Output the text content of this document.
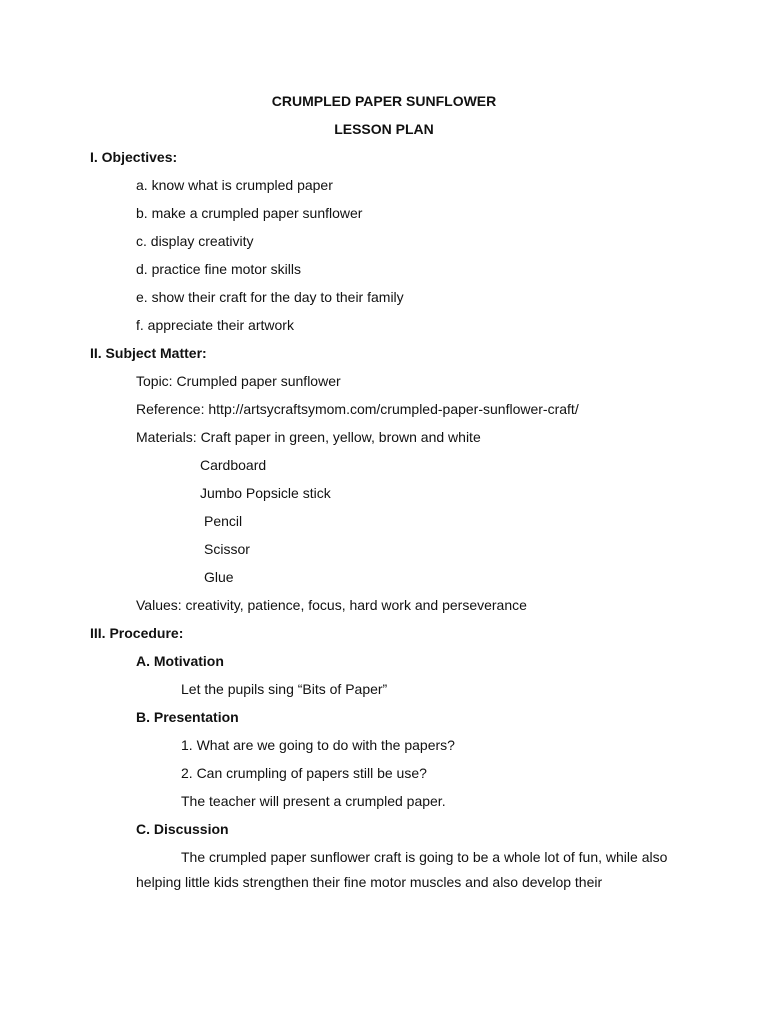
CRUMPLED PAPER SUNFLOWER
LESSON PLAN
I. Objectives:
a. know what is crumpled paper
b. make a crumpled paper sunflower
c. display creativity
d. practice fine motor skills
e. show their craft for the day to their family
f. appreciate their artwork
II. Subject Matter:
Topic: Crumpled paper sunflower
Reference: http://artsycraftsymom.com/crumpled-paper-sunflower-craft/
Materials: Craft paper in green, yellow, brown and white
Cardboard
Jumbo Popsicle stick
Pencil
Scissor
Glue
Values: creativity, patience, focus, hard work and perseverance
III. Procedure:
A. Motivation
Let the pupils sing “Bits of Paper”
B. Presentation
1. What are we going to do with the papers?
2. Can crumpling of papers still be use?
The teacher will present a crumpled paper.
C. Discussion
The crumpled paper sunflower craft is going to be a whole lot of fun, while also
helping little kids strengthen their fine motor muscles and also develop their
